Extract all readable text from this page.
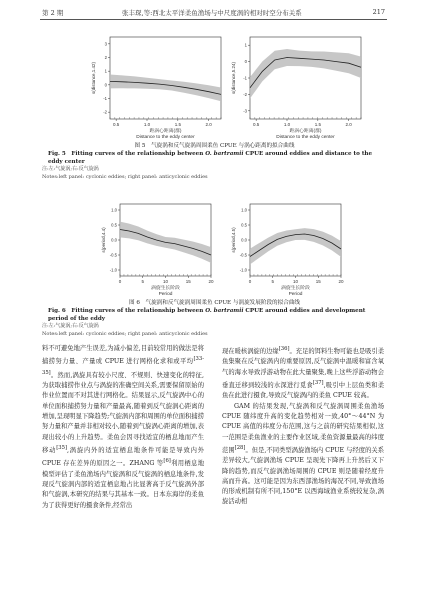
第 2 期	张丰琛,等:西北太平洋柔鱼渔场与中尺度涡的相对时空分布关系	217
0.5	1.0	1.5	2.0
-2
-1
0
1
2
3
s(distance,1.42)
距涡心距离(群)
Distance to the eddy center
0.5	1.0	1.5	2.0
-3
-2
-1
0
1
s(distance,5.24)
距涡心距离(群)
Distance to the eddy center
图 5　气旋涡和反气旋涡周围柔鱼 CPUE 与涡心距离的拟合曲线
Fig. 5　Fitting curves of the relationship between O. bartramii CPUE around eddies and distance to the eddy center
注:左:气旋涡;右:反气旋涡
Notes:left panel: cyclonic eddies; right panel: anticyclonic eddies
0	5	10	15	20
-1.0
-0.5
0.0
0.5
1.0
s(period,4.4)
涡旋生长阶段
Period
0	5	10	15	20
-1.0
-0.5
0.0
0.5
1.0
s(period,4.5)
涡旋生长阶段
Period
图 6　气旋涡和反气旋涡周围柔鱼 CPUE 与涡旋发展阶段的拟合曲线
Fig. 6　Fitting curves of the relationship between O. bartramii CPUE around eddies and development period of the eddy
注:左:气旋涡;右:反气旋涡
Notes:left panel: cyclonic eddies; right panel: anticyclonic eddies

料不可避免地产生误差,为减小偏差,目前较常用的做法是将捕捞努力量、产量或 CPUE 进行网格化求和或平均[33-35]。然而,涡旋具有较小尺度、不规则、快速变化的特征,为获取捕捞作业点与涡旋的准确空间关系,需要保留原始的作业位置而不对其进行网格化。结果显示,反气旋涡中心的单位面积捕捞努力量和产量最高,随着到反气旋涡心距离的增加,呈现明显下降趋势;气旋涡内部和周围的单位面积捕捞努力量和产量并非相对较小,随着到气旋涡心距离的增加,表现出较小的上升趋势。柔鱼会因寻找适宜的栖息地而产生移动[35],涡旋内外的适宜栖息地条件可能是导致内外 CPUE 存在差异的原因之一。ZHANG 等[6]利用栖息地模型评估了柔鱼渔场内气旋涡和反气旋涡的栖息地条件,发现反气旋涡内部的适宜栖息地占比显著高于反气旋涡外部和气旋涡,本研究的结果与其基本一致。日本东海岸的柔鱼为了获得更好的摄食条件,经常出

现在暖核涡旋的边缘[36]。充足的饵料生物可能也是吸引柔鱼集聚在反气旋涡内的重要原因,反气旋涡中温暖和富含氧气的海水导致浮游动物在此大量聚集,晚上这些浮游动物会垂直迁移到较浅的水深进行觅食[37],吸引中上层鱼类和柔鱼在此进行摄食,导致反气旋涡内的柔鱼 CPUE 较高。

GAM 的结果发现,气旋涡和反气旋涡周围柔鱼渔场 CPUE 随纬度升高的变化趋势相对一致,40°～44°N 为 CPUE 高值的纬度分布范围,这与之前的研究结果相似,这一范围是柔鱼渔业的主要作业区域,柔鱼资源量最高的纬度范围[28]。但是,不同类型涡旋渔场内 CPUE 与经度的关系差异较大,气旋涡渔场 CPUE 呈现先下降再上升然后又下降的趋势,而反气旋涡渔场周围的 CPUE 则是随着经度升高而升高。这可能是因为东西部渔场的海况不同,导致渔场的形成机制有所不同,150°E 以西海域渔业系统较复杂,涡旋活动相
